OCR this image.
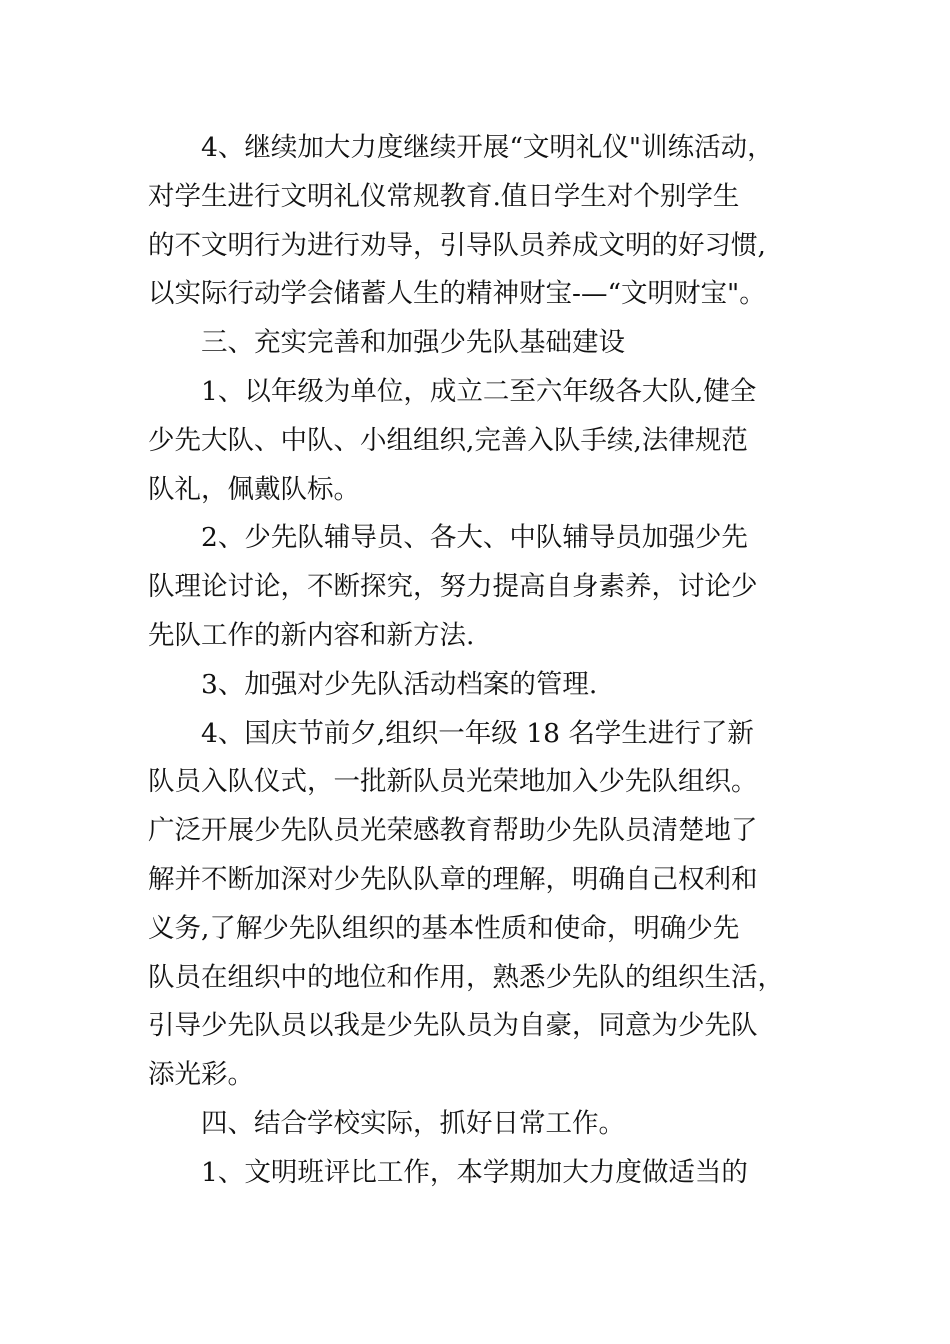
4、继续加大力度继续开展“文明礼仪"训练活动，
对学生进行文明礼仪常规教育.值日学生对个别学生
的不文明行为进行劝导，引导队员养成文明的好习惯,
以实际行动学会储蓄人生的精神财宝-—“文明财宝"。
三、充实完善和加强少先队基础建设
1、以年级为单位，成立二至六年级各大队,健全
少先大队、中队、小组组织,完善入队手续,法律规范
队礼，佩戴队标。
2、少先队辅导员、各大、中队辅导员加强少先
队理论讨论，不断探究，努力提高自身素养，讨论少
先队工作的新内容和新方法.
3、加强对少先队活动档案的管理.
4、国庆节前夕,组织一年级 18 名学生进行了新
队员入队仪式，一批新队员光荣地加入少先队组织。
广泛开展少先队员光荣感教育帮助少先队员清楚地了
解并不断加深对少先队队章的理解，明确自己权利和
义务,了解少先队组织的基本性质和使命，明确少先
队员在组织中的地位和作用，熟悉少先队的组织生活，
引导少先队员以我是少先队员为自豪，同意为少先队
添光彩。
四、结合学校实际，抓好日常工作。
1、文明班评比工作，本学期加大力度做适当的
